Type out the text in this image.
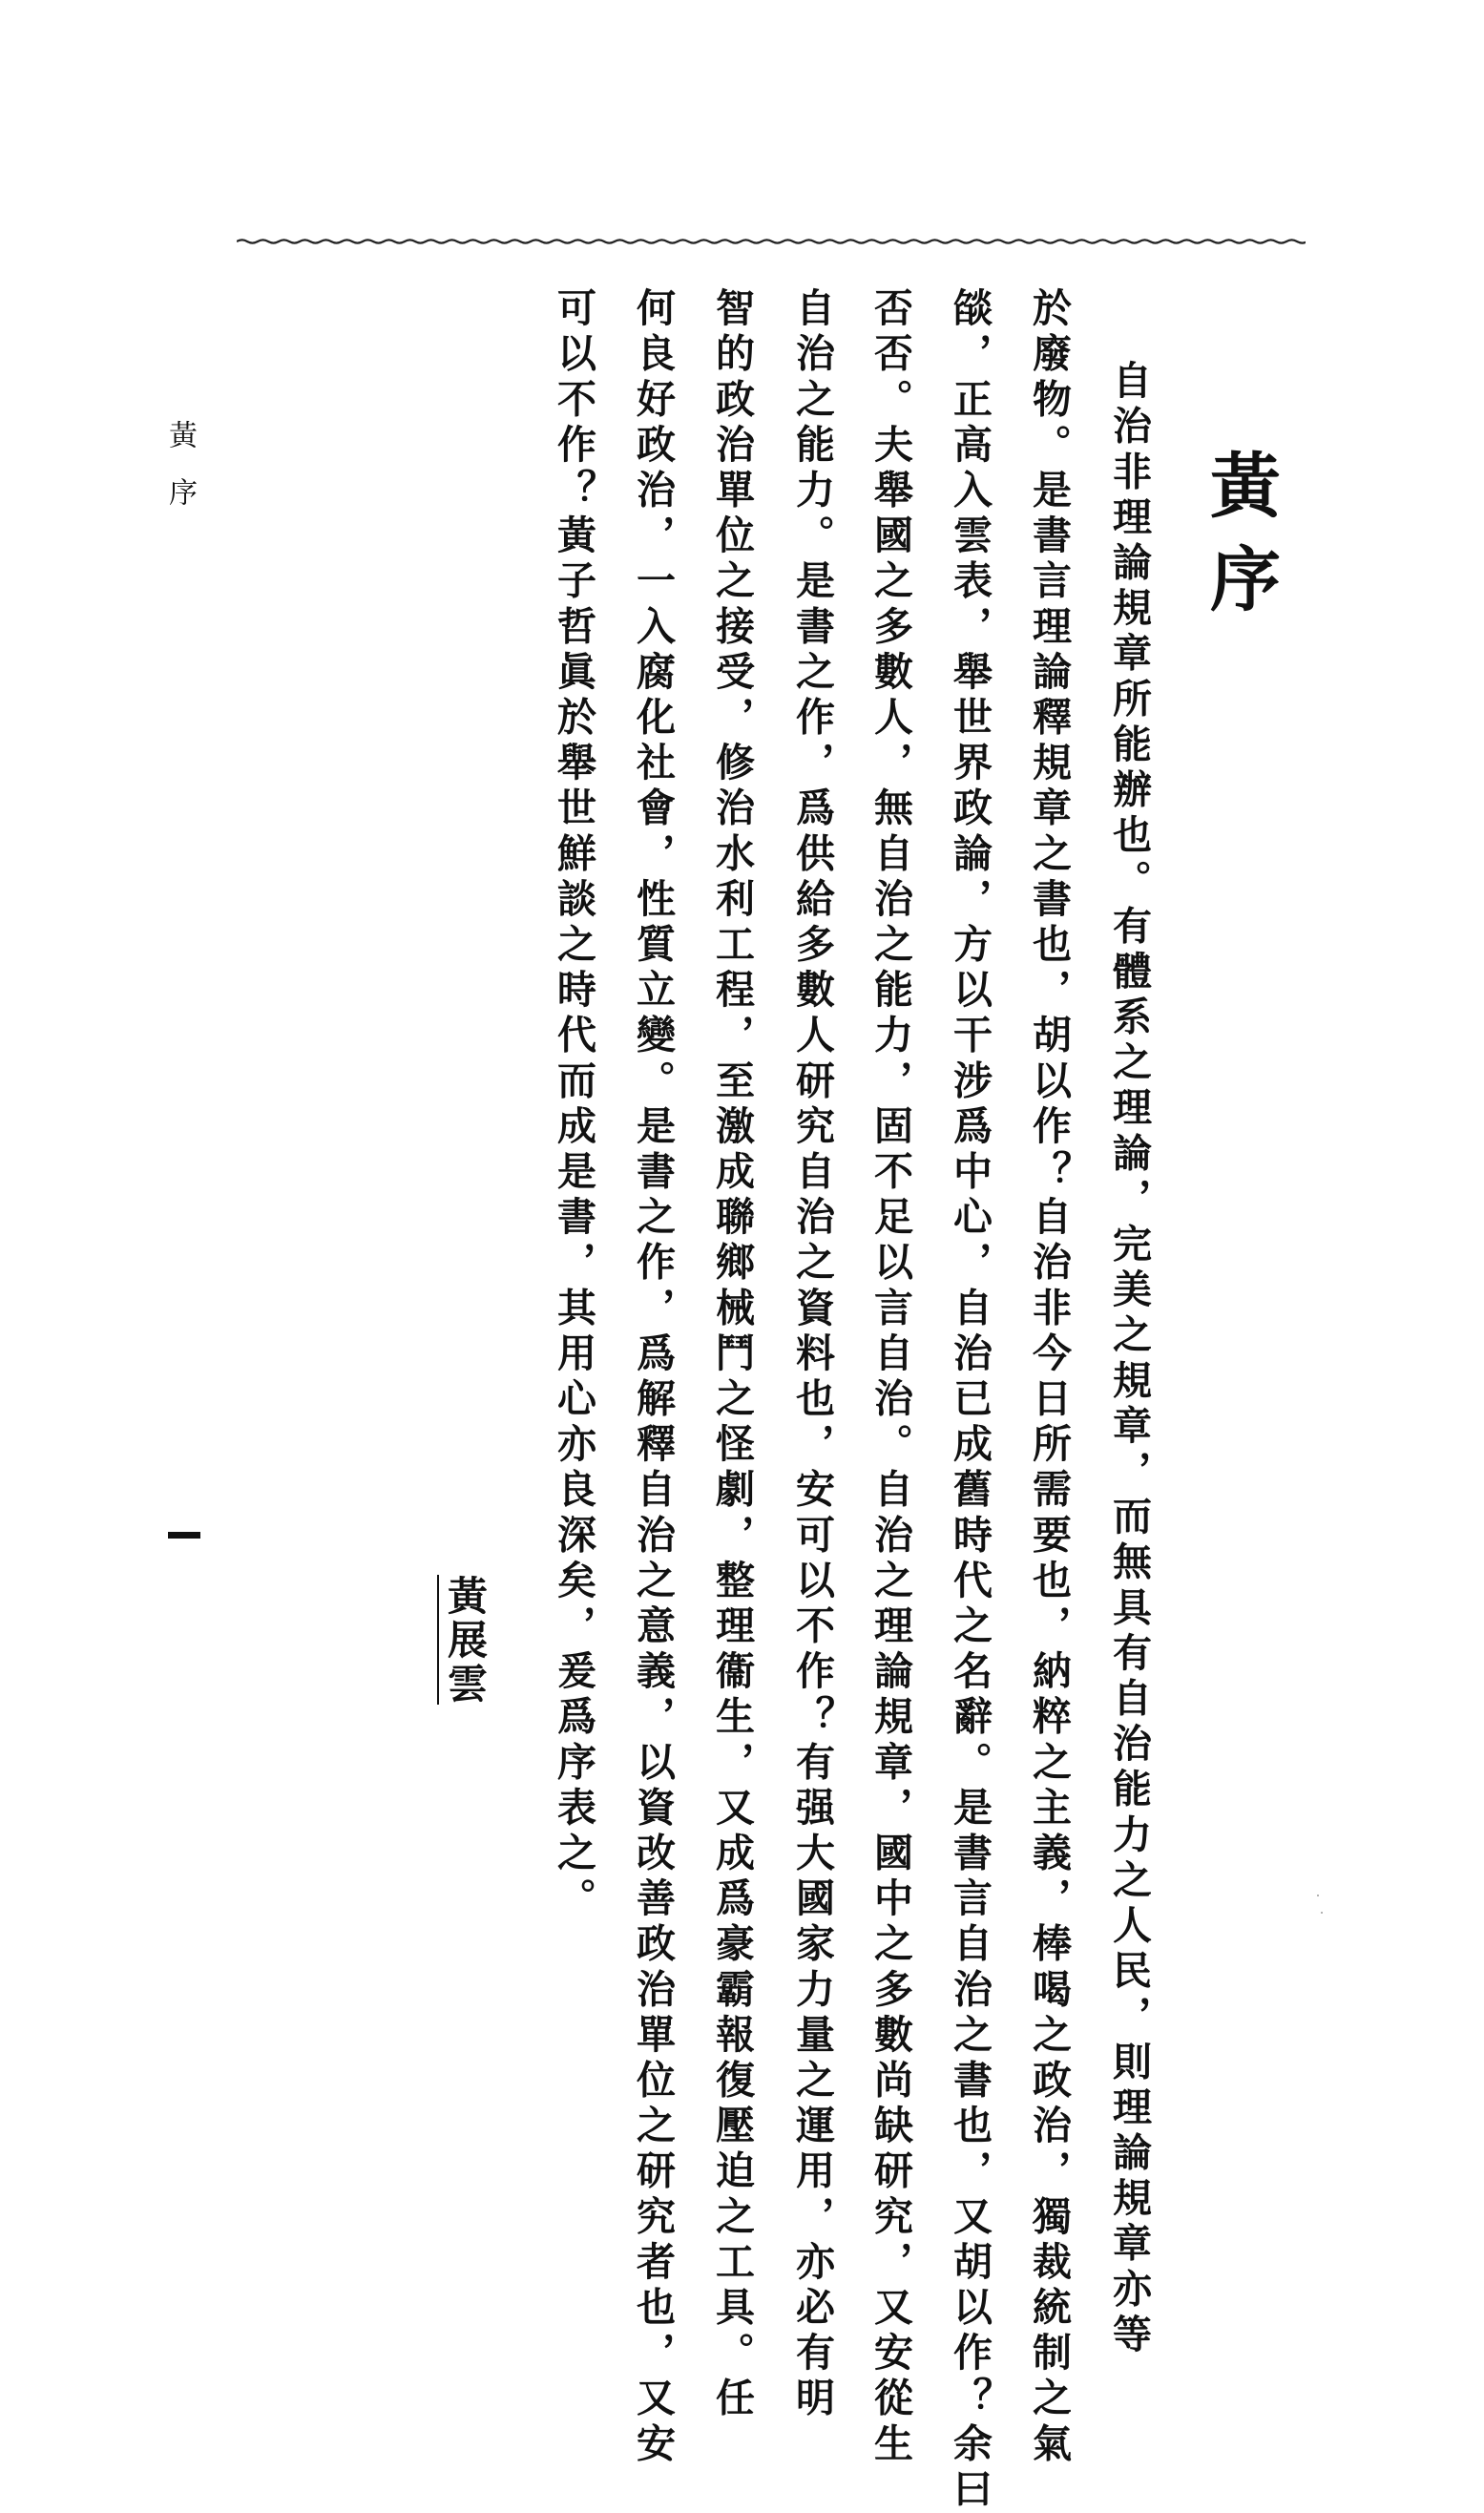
黃序
自治非理論規章所能辦也。有體系之理論，完美之規章，而無具有自治能力之人民，則理論規章亦等
於廢物。是書言理論釋規章之書也，胡以作？自治非今日所需要也，納粹之主義，棒喝之政治，獨裁統制之氣
燄，正高入雲表，舉世界政論，方以干涉爲中心，自治已成舊時代之名辭。是書言自治之書也，又胡以作？余曰
否否。夫舉國之多數人，無自治之能力，固不足以言自治。自治之理論規章，國中之多數尚缺研究，又安從生
自治之能力。是書之作，爲供給多數人研究自治之資料也，安可以不作？有强大國家力量之運用，亦必有明
智的政治單位之接受，修治水利工程，至激成聯鄉械鬥之怪劇，整理衞生，又成爲豪霸報復壓迫之工具。任
何良好政治，一入腐化社會，性質立變。是書之作，爲解釋自治之意義，以資改善政治單位之研究者也，又安
可以不作？黃子哲眞於舉世鮮談之時代而成是書，其用心亦良深矣，爰爲序表之。
黃展雲
黃序
